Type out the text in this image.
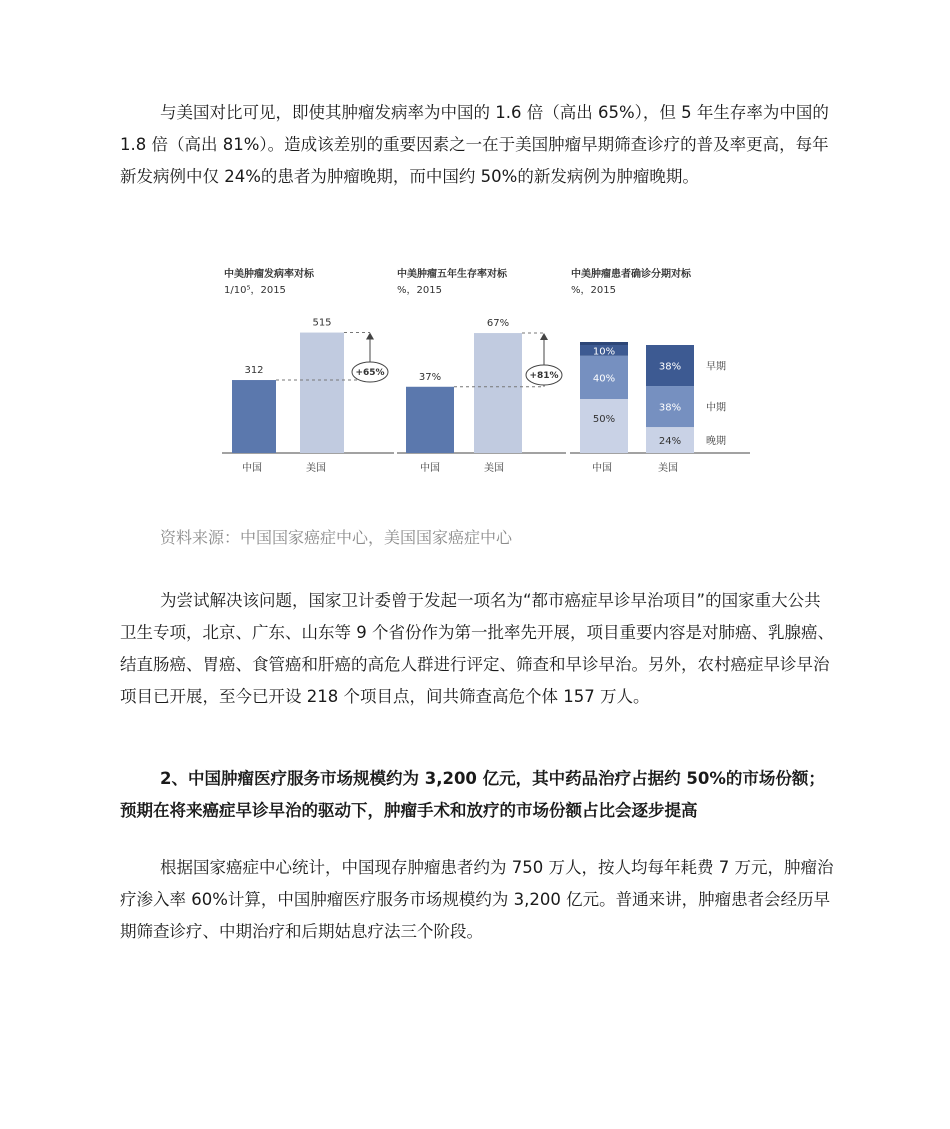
与美国对比可见，即使其肿瘤发病率为中国的 1.6 倍（高出 65%），但 5 年生存率为中国的 1.8 倍（高出 81%）。造成该差别的重要因素之一在于美国肿瘤早期筛查诊疗的普及率更高，每年新发病例中仅 24%的患者为肿瘤晚期，而中国约 50%的新发病例为肿瘤晚期。

中美肿瘤发病率对标
1/10⁵，2015
中美肿瘤五年生存率对标
%，2015
中美肿瘤患者确诊分期对标
%，2015
312
515
+65%
中国	美国
37%
67%
+81%
中国	美国
50%
40%
10%
24%
38%
38%
晚期
中期
早期
中国	美国

资料来源：中国国家癌症中心，美国国家癌症中心

为尝试解决该问题，国家卫计委曾于发起一项名为“都市癌症早诊早治项目”的国家重大公共卫生专项，北京、广东、山东等 9 个省份作为第一批率先开展，项目重要内容是对肺癌、乳腺癌、结直肠癌、胃癌、食管癌和肝癌的高危人群进行评定、筛查和早诊早治。另外，农村癌症早诊早治项目已开展，至今已开设 218 个项目点，间共筛查高危个体 157 万人。

2、中国肿瘤医疗服务市场规模约为 3,200 亿元，其中药品治疗占据约 50%的市场份额；预期在将来癌症早诊早治的驱动下，肿瘤手术和放疗的市场份额占比会逐步提高

根据国家癌症中心统计，中国现存肿瘤患者约为 750 万人，按人均每年耗费 7 万元，肿瘤治疗渗入率 60%计算，中国肿瘤医疗服务市场规模约为 3,200 亿元。普通来讲，肿瘤患者会经历早期筛查诊疗、中期治疗和后期姑息疗法三个阶段。
